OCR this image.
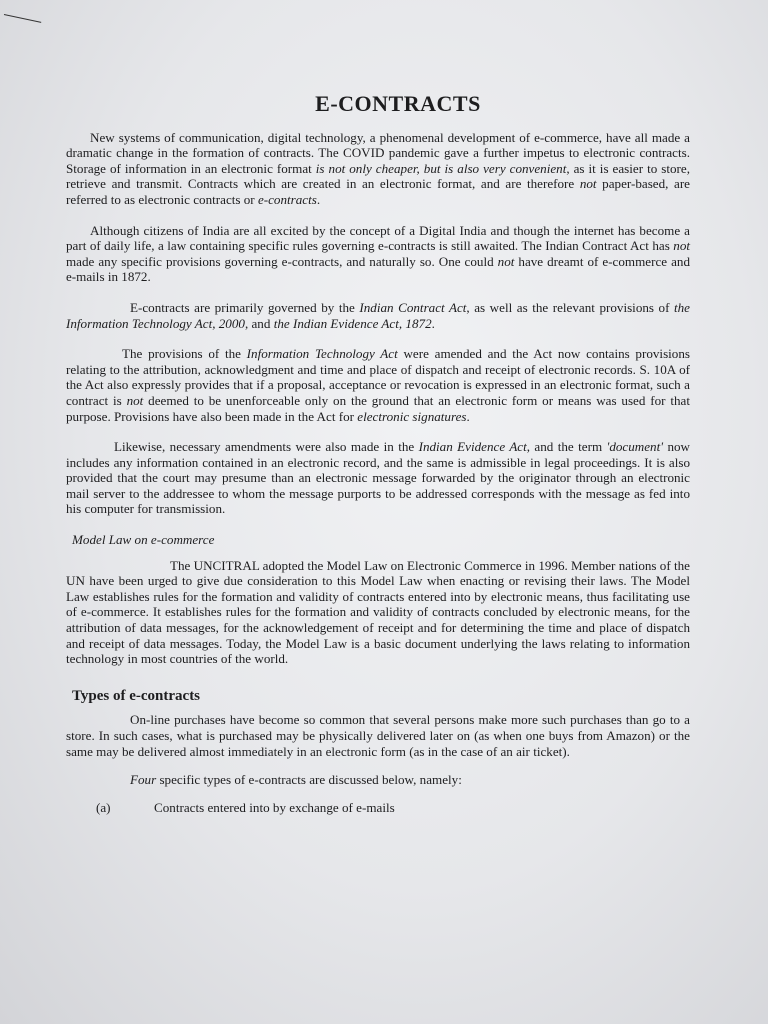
E-CONTRACTS

New systems of communication, digital technology, a phenomenal development of e-commerce, have all made a dramatic change in the formation of contracts. The COVID pandemic gave a further impetus to electronic contracts. Storage of information in an electronic format is not only cheaper, but is also very convenient, as it is easier to store, retrieve and transmit. Contracts which are created in an electronic format, and are therefore not paper-based, are referred to as electronic contracts or e-contracts.

Although citizens of India are all excited by the concept of a Digital India and though the internet has become a part of daily life, a law containing specific rules governing e-contracts is still awaited. The Indian Contract Act has not made any specific provisions governing e-contracts, and naturally so. One could not have dreamt of e-commerce and e-mails in 1872.

E-contracts are primarily governed by the Indian Contract Act, as well as the relevant provisions of the Information Technology Act, 2000, and the Indian Evidence Act, 1872.

The provisions of the Information Technology Act were amended and the Act now contains provisions relating to the attribution, acknowledgment and time and place of dispatch and receipt of electronic records. S. 10A of the Act also expressly provides that if a proposal, acceptance or revocation is expressed in an electronic format, such a contract is not deemed to be unenforceable only on the ground that an electronic form or means was used for that purpose. Provisions have also been made in the Act for electronic signatures.

Likewise, necessary amendments were also made in the Indian Evidence Act, and the term 'document' now includes any information contained in an electronic record, and the same is admissible in legal proceedings. It is also provided that the court may presume than an electronic message forwarded by the originator through an electronic mail server to the addressee to whom the message purports to be addressed corresponds with the message as fed into his computer for transmission.

Model Law on e-commerce

The UNCITRAL adopted the Model Law on Electronic Commerce in 1996. Member nations of the UN have been urged to give due consideration to this Model Law when enacting or revising their laws. The Model Law establishes rules for the formation and validity of contracts entered into by electronic means, thus facilitating use of e-commerce. It establishes rules for the formation and validity of contracts concluded by electronic means, for the attribution of data messages, for the acknowledgement of receipt and for determining the time and place of dispatch and receipt of data messages. Today, the Model Law is a basic document underlying the laws relating to information technology in most countries of the world.

Types of e-contracts

On-line purchases have become so common that several persons make more such purchases than go to a store. In such cases, what is purchased may be physically delivered later on (as when one buys from Amazon) or the same may be delivered almost immediately in an electronic form (as in the case of an air ticket).

Four specific types of e-contracts are discussed below, namely:
(a)	Contracts entered into by exchange of e-mails
